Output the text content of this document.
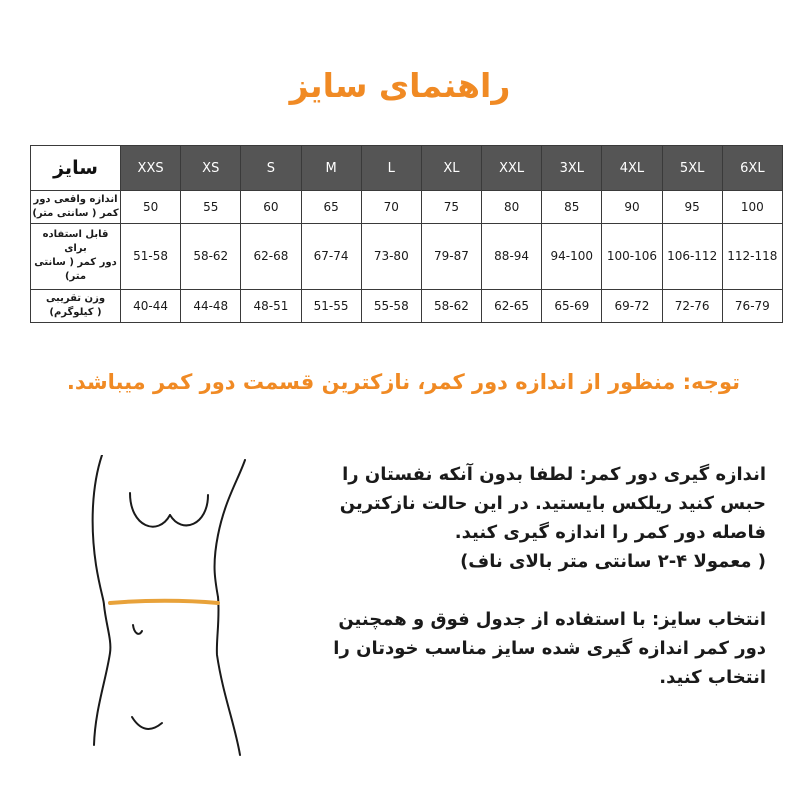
راهنمای سایز
سایز	XXS	XS	S	M	L	XL	XXL	3XL	4XL	5XL	6XL

اندازه واقعی دور
کمر ( سانتی متر)	50	55	60	65	70	75	80	85	90	95	100

قابل استفاده برای
دور کمر ( سانتی متر)	51-58	58-62	62-68	67-74	73-80	79-87	88-94	94-100	100-106	106-112	112-118

وزن تقریبی
( کیلوگرم)	40-44	44-48	48-51	51-55	55-58	58-62	62-65	65-69	69-72	72-76	76-79
توجه: منظور از اندازه دور کمر، نازکترین قسمت دور کمر میباشد.

اندازه گیری دور کمر: لطفا بدون آنکه نفستان را

حبس کنید ریلکس بایستید. در این حالت نازکترین

فاصله دور کمر را اندازه گیری کنید.

( معمولا ۴-۲ سانتی متر بالای ناف)

انتخاب سایز: با استفاده از جدول فوق و همچنین

دور کمر اندازه گیری شده سایز مناسب خودتان را

انتخاب کنید.
